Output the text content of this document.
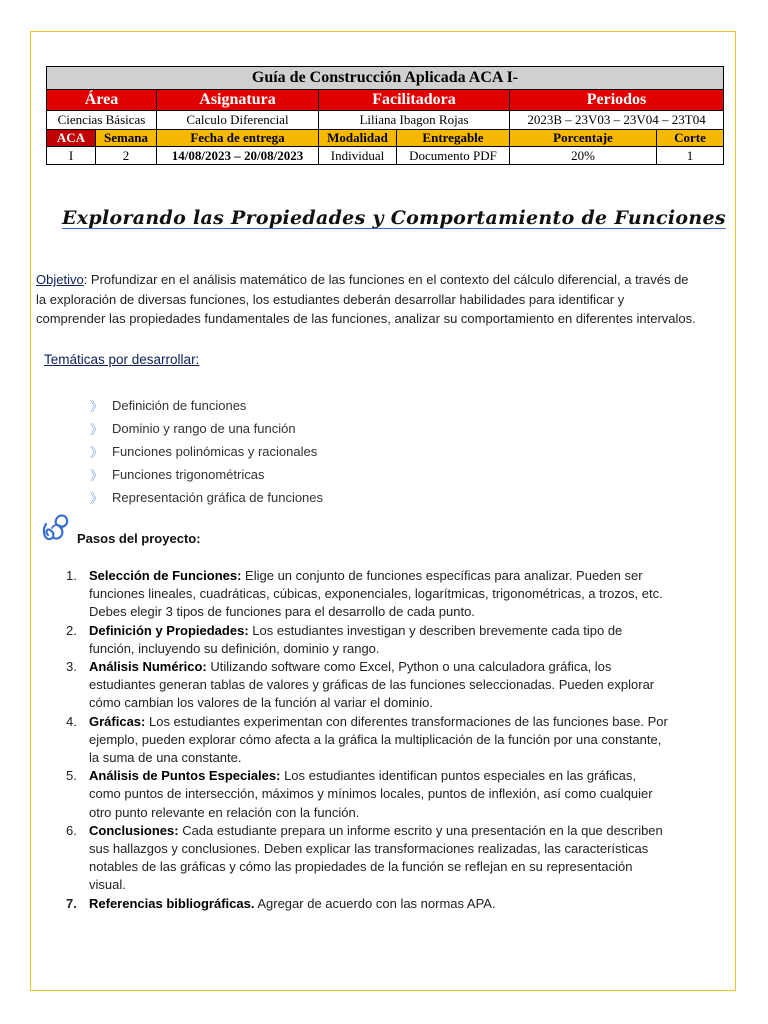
Guía de Construcción Aplicada ACA I-						
Área		Asignatura	Facilitadora		Periodos	
Ciencias Básicas		Calculo Diferencial	Liliana Ibagon Rojas		2023B – 23V03 – 23V04 – 23T04	
ACA	Semana	Fecha de entrega	Modalidad	Entregable	Porcentaje	Corte
I	2	14/08/2023 – 20/08/2023	Individual	Documento PDF	20%	1
Explorando las Propiedades y Comportamiento de Funciones
Objetivo: Profundizar en el análisis matemático de las funciones en el contexto del cálculo diferencial, a través de la exploración de diversas funciones, los estudiantes deberán desarrollar habilidades para identificar y comprender las propiedades fundamentales de las funciones, analizar su comportamiento en diferentes intervalos.
Temáticas por desarrollar:
》 Definición de funciones
》 Dominio y rango de una función
》 Funciones polinómicas y racionales
》 Funciones trigonométricas
》 Representación gráfica de funciones
Pasos del proyecto:
1. Selección de Funciones: Elige un conjunto de funciones específicas para analizar. Pueden ser funciones lineales, cuadráticas, cúbicas, exponenciales, logarítmicas, trigonométricas, a trozos, etc. Debes elegir 3 tipos de funciones para el desarrollo de cada punto.
2. Definición y Propiedades: Los estudiantes investigan y describen brevemente cada tipo de función, incluyendo su definición, dominio y rango.
3. Análisis Numérico: Utilizando software como Excel, Python o una calculadora gráfica, los estudiantes generan tablas de valores y gráficas de las funciones seleccionadas. Pueden explorar cómo cambian los valores de la función al variar el dominio.
4. Gráficas: Los estudiantes experimentan con diferentes transformaciones de las funciones base. Por ejemplo, pueden explorar cómo afecta a la gráfica la multiplicación de la función por una constante, la suma de una constante.
5. Análisis de Puntos Especiales: Los estudiantes identifican puntos especiales en las gráficas, como puntos de intersección, máximos y mínimos locales, puntos de inflexión, así como cualquier otro punto relevante en relación con la función.
6. Conclusiones: Cada estudiante prepara un informe escrito y una presentación en la que describen sus hallazgos y conclusiones. Deben explicar las transformaciones realizadas, las características notables de las gráficas y cómo las propiedades de la función se reflejan en su representación visual.
7. Referencias bibliográficas. Agregar de acuerdo con las normas APA.
